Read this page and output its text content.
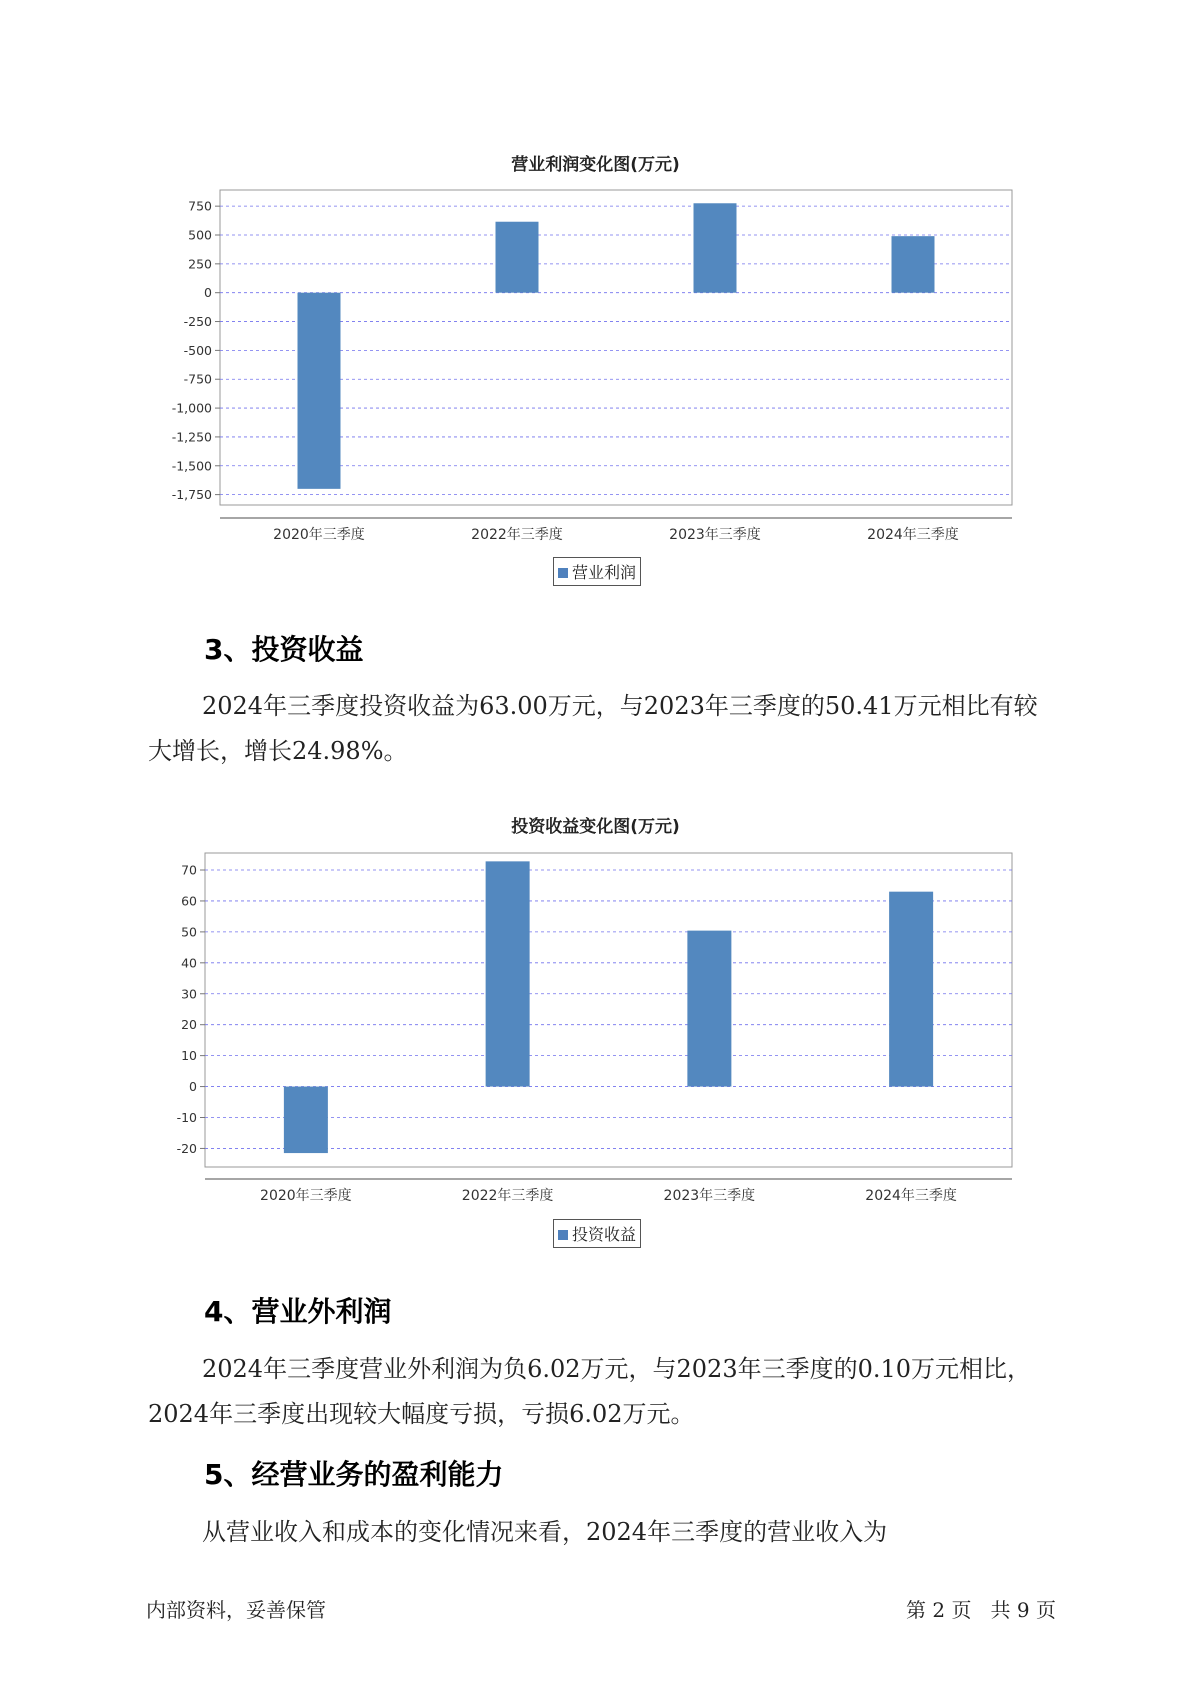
营业利润变化图(万元)
750
500
250
0
-250
-500
-750
-1,000
-1,250
-1,500
-1,750
2020年三季度	2022年三季度	2023年三季度	2024年三季度
营业利润
3、投资收益

2024年三季度投资收益为63.00万元，与2023年三季度的50.41万元相比有较大增长，增长24.98%。

投资收益变化图(万元)
70
60
50
40
30
20
10
0
-10
-20
2020年三季度	2022年三季度	2023年三季度	2024年三季度
投资收益
4、营业外利润

2024年三季度营业外利润为负6.02万元，与2023年三季度的0.10万元相比，2024年三季度出现较大幅度亏损，亏损6.02万元。

5、经营业务的盈利能力

从营业收入和成本的变化情况来看，2024年三季度的营业收入为

内部资料，妥善保管	第 2 页   共 9 页
